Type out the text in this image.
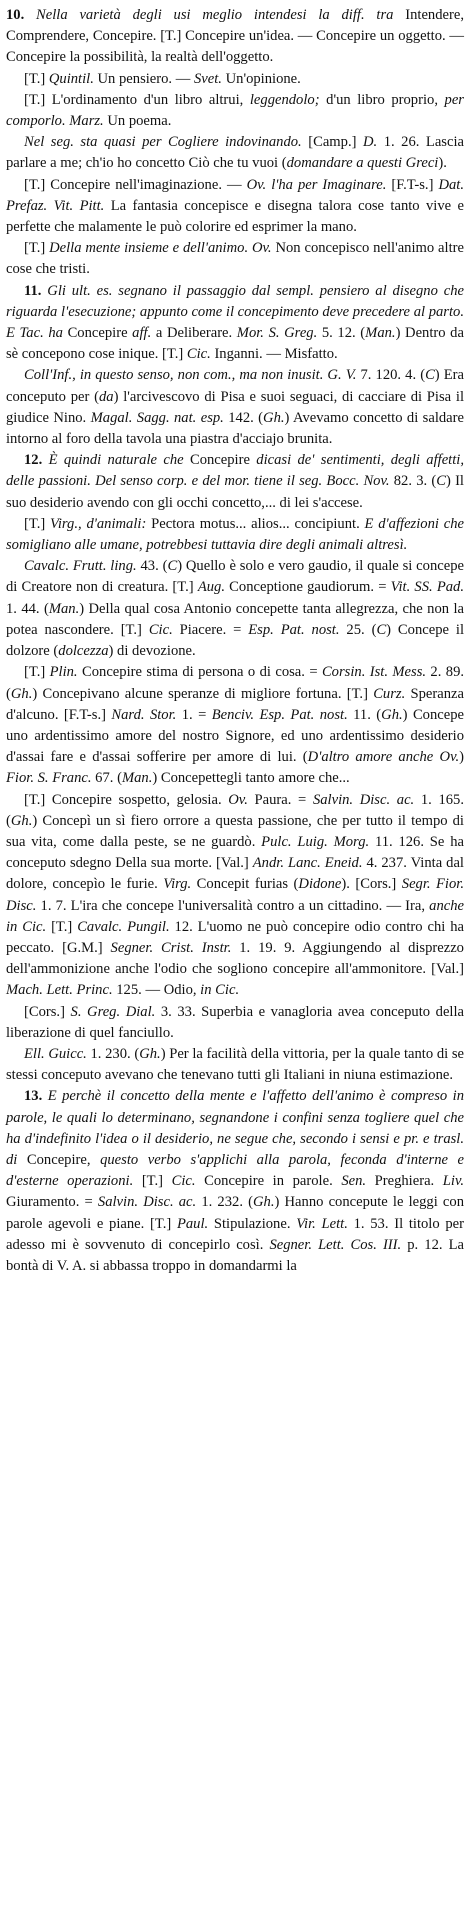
10. Nella varietà degli usi meglio intendesi la diff. tra Intendere, Comprendere, Concepire. [T.] Concepire un'idea. — Concepire un oggetto. — Concepire la possibilità, la realtà dell'oggetto.

[T.] Quintil. Un pensiero. — Svet. Un'opinione.

[T.] L'ordinamento d'un libro altrui, leggendolo; d'un libro proprio, per comporlo. Marz. Un poema.

Nel seg. sta quasi per Cogliere indovinando. [Camp.] D. 1. 26. Lascia parlare a me; ch'io ho concetto Ciò che tu vuoi (domandare a questi Greci).

[T.] Concepire nell'imaginazione. — Ov. l'ha per Imaginare. [F.T-s.] Dat. Prefaz. Vit. Pitt. La fantasia concepisce e disegna talora cose tanto vive e perfette che malamente le può colorire ed esprimer la mano.

[T.] Della mente insieme e dell'animo. Ov. Non concepisco nell'animo altre cose che tristi.

11. Gli ult. es. segnano il passaggio dal sempl. pensiero al disegno che riguarda l'esecuzione; appunto come il concepimento deve precedere al parto. E Tac. ha Concepire aff. a Deliberare. Mor. S. Greg. 5. 12. (Man.) Dentro da sè concepono cose inique. [T.] Cic. Inganni. — Misfatto.

Coll'Inf., in questo senso, non com., ma non inusit. G. V. 7. 120. 4. (C) Era conceputo per (da) l'arcivescovo di Pisa e suoi seguaci, di cacciare di Pisa il giudice Nino. Magal. Sagg. nat. esp. 142. (Gh.) Avevamo concetto di saldare intorno al foro della tavola una piastra d'acciajo brunita.

12. È quindi naturale che Concepire dicasi de' sentimenti, degli affetti, delle passioni. Del senso corp. e del mor. tiene il seg. Bocc. Nov. 82. 3. (C) Il suo desiderio avendo con gli occhi concetto,... di lei s'accese.

[T.] Virg., d'animali: Pectora motus... alios... concipiunt. E d'affezioni che somigliano alle umane, potrebbesi tuttavia dire degli animali altresì.

Cavalc. Frutt. ling. 43. (C) Quello è solo e vero gaudio, il quale si concepe di Creatore non di creatura. [T.] Aug. Conceptione gaudiorum. = Vit. SS. Pad. 1. 44. (Man.) Della qual cosa Antonio concepette tanta allegrezza, che non la potea nascondere. [T.] Cic. Piacere. = Esp. Pat. nost. 25. (C) Concepe il dolzore (dolcezza) di devozione.

[T.] Plin. Concepire stima di persona o di cosa. = Corsin. Ist. Mess. 2. 89. (Gh.) Concepivano alcune speranze di migliore fortuna. [T.] Curz. Speranza d'alcuno. [F.T-s.] Nard. Stor. 1. = Benciv. Esp. Pat. nost. 11. (Gh.) Concepe uno ardentissimo amore del nostro Signore, ed uno ardentissimo desiderio d'assai fare e d'assai sofferire per amore di lui. (D'altro amore anche Ov.) Fior. S. Franc. 67. (Man.) Concepettegli tanto amore che...

[T.] Concepire sospetto, gelosia. Ov. Paura. = Salvin. Disc. ac. 1. 165. (Gh.) Concepì un sì fiero orrore a questa passione, che per tutto il tempo di sua vita, come dalla peste, se ne guardò. Pulc. Luig. Morg. 11. 126. Se ha conceputo sdegno Della sua morte. [Val.] Andr. Lanc. Eneid. 4. 237. Vinta dal dolore, concepìo le furie. Virg. Concepit furias (Didone). [Cors.] Segr. Fior. Disc. 1. 7. L'ira che concepe l'universalità contro a un cittadino. — Ira, anche in Cic. [T.] Cavalc. Pungil. 12. L'uomo ne può concepire odio contro chi ha peccato. [G.M.] Segner. Crist. Instr. 1. 19. 9. Aggiungendo al disprezzo dell'ammonizione anche l'odio che sogliono concepire all'ammonitore. [Val.] Mach. Lett. Princ. 125. — Odio, in Cic.

[Cors.] S. Greg. Dial. 3. 33. Superbia e vanagloria avea conceputo della liberazione di quel fanciullo.

Ell. Guicc. 1. 230. (Gh.) Per la facilità della vittoria, per la quale tanto di se stessi conceputo avevano che tenevano tutti gli Italiani in niuna estimazione.

13. E perchè il concetto della mente e l'affetto dell'animo è compreso in parole, le quali lo determinano, segnandone i confini senza togliere quel che ha d'indefinito l'idea o il desiderio, ne segue che, secondo i sensi e pr. e trasl. di Concepire, questo verbo s'applichi alla parola, feconda d'interne e d'esterne operazioni. [T.] Cic. Concepire in parole. Sen. Preghiera. Liv. Giuramento. = Salvin. Disc. ac. 1. 232. (Gh.) Hanno concepute le leggi con parole agevoli e piane. [T.] Paul. Stipulazione. Vir. Lett. 1. 53. Il titolo per adesso mi è sovvenuto di concepirlo così. Segner. Lett. Cos. III. p. 12. La bontà di V. A. si abbassa troppo in domandarmi la
